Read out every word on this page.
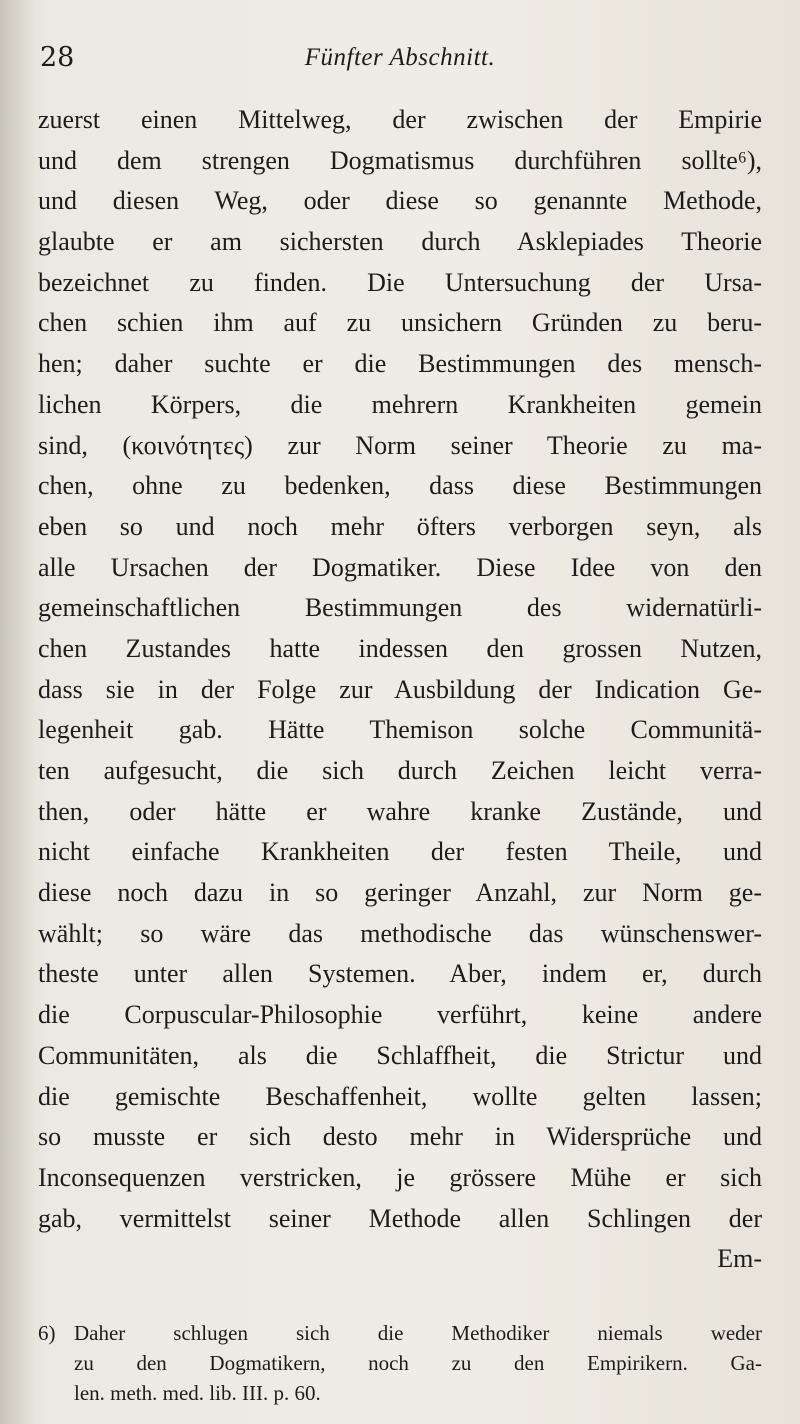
28	Fünfter Abschnitt.
zuerst einen Mittelweg, der zwischen der Empirie
und dem strengen Dogmatismus durchführen sollte⁶),
und diesen Weg, oder diese so genannte Methode,
glaubte er am sichersten durch Asklepiades Theorie
bezeichnet zu finden. Die Untersuchung der Ursa-
chen schien ihm auf zu unsichern Gründen zu beru-
hen; daher suchte er die Bestimmungen des mensch-
lichen Körpers, die mehrern Krankheiten gemein
sind, (κοινότητες) zur Norm seiner Theorie zu ma-
chen, ohne zu bedenken, dass diese Bestimmungen
eben so und noch mehr öfters verborgen seyn, als
alle Ursachen der Dogmatiker. Diese Idee von den
gemeinschaftlichen Bestimmungen des widernatürli-
chen Zustandes hatte indessen den grossen Nutzen,
dass sie in der Folge zur Ausbildung der Indication Ge-
legenheit gab. Hätte Themison solche Communitä-
ten aufgesucht, die sich durch Zeichen leicht verra-
then, oder hätte er wahre kranke Zustände, und
nicht einfache Krankheiten der festen Theile, und
diese noch dazu in so geringer Anzahl, zur Norm ge-
wählt; so wäre das methodische das wünschenswer-
theste unter allen Systemen. Aber, indem er, durch
die Corpuscular-Philosophie verführt, keine andere
Communitäten, als die Schlaffheit, die Strictur und
die gemischte Beschaffenheit, wollte gelten lassen;
so musste er sich desto mehr in Widersprüche und
Inconsequenzen verstricken, je grössere Mühe er sich
gab, vermittelst seiner Methode allen Schlingen der
Em-
6) Daher schlugen sich die Methodiker niemals weder
zu den Dogmatikern, noch zu den Empirikern. Ga-
len. meth. med. lib. III. p. 60.
